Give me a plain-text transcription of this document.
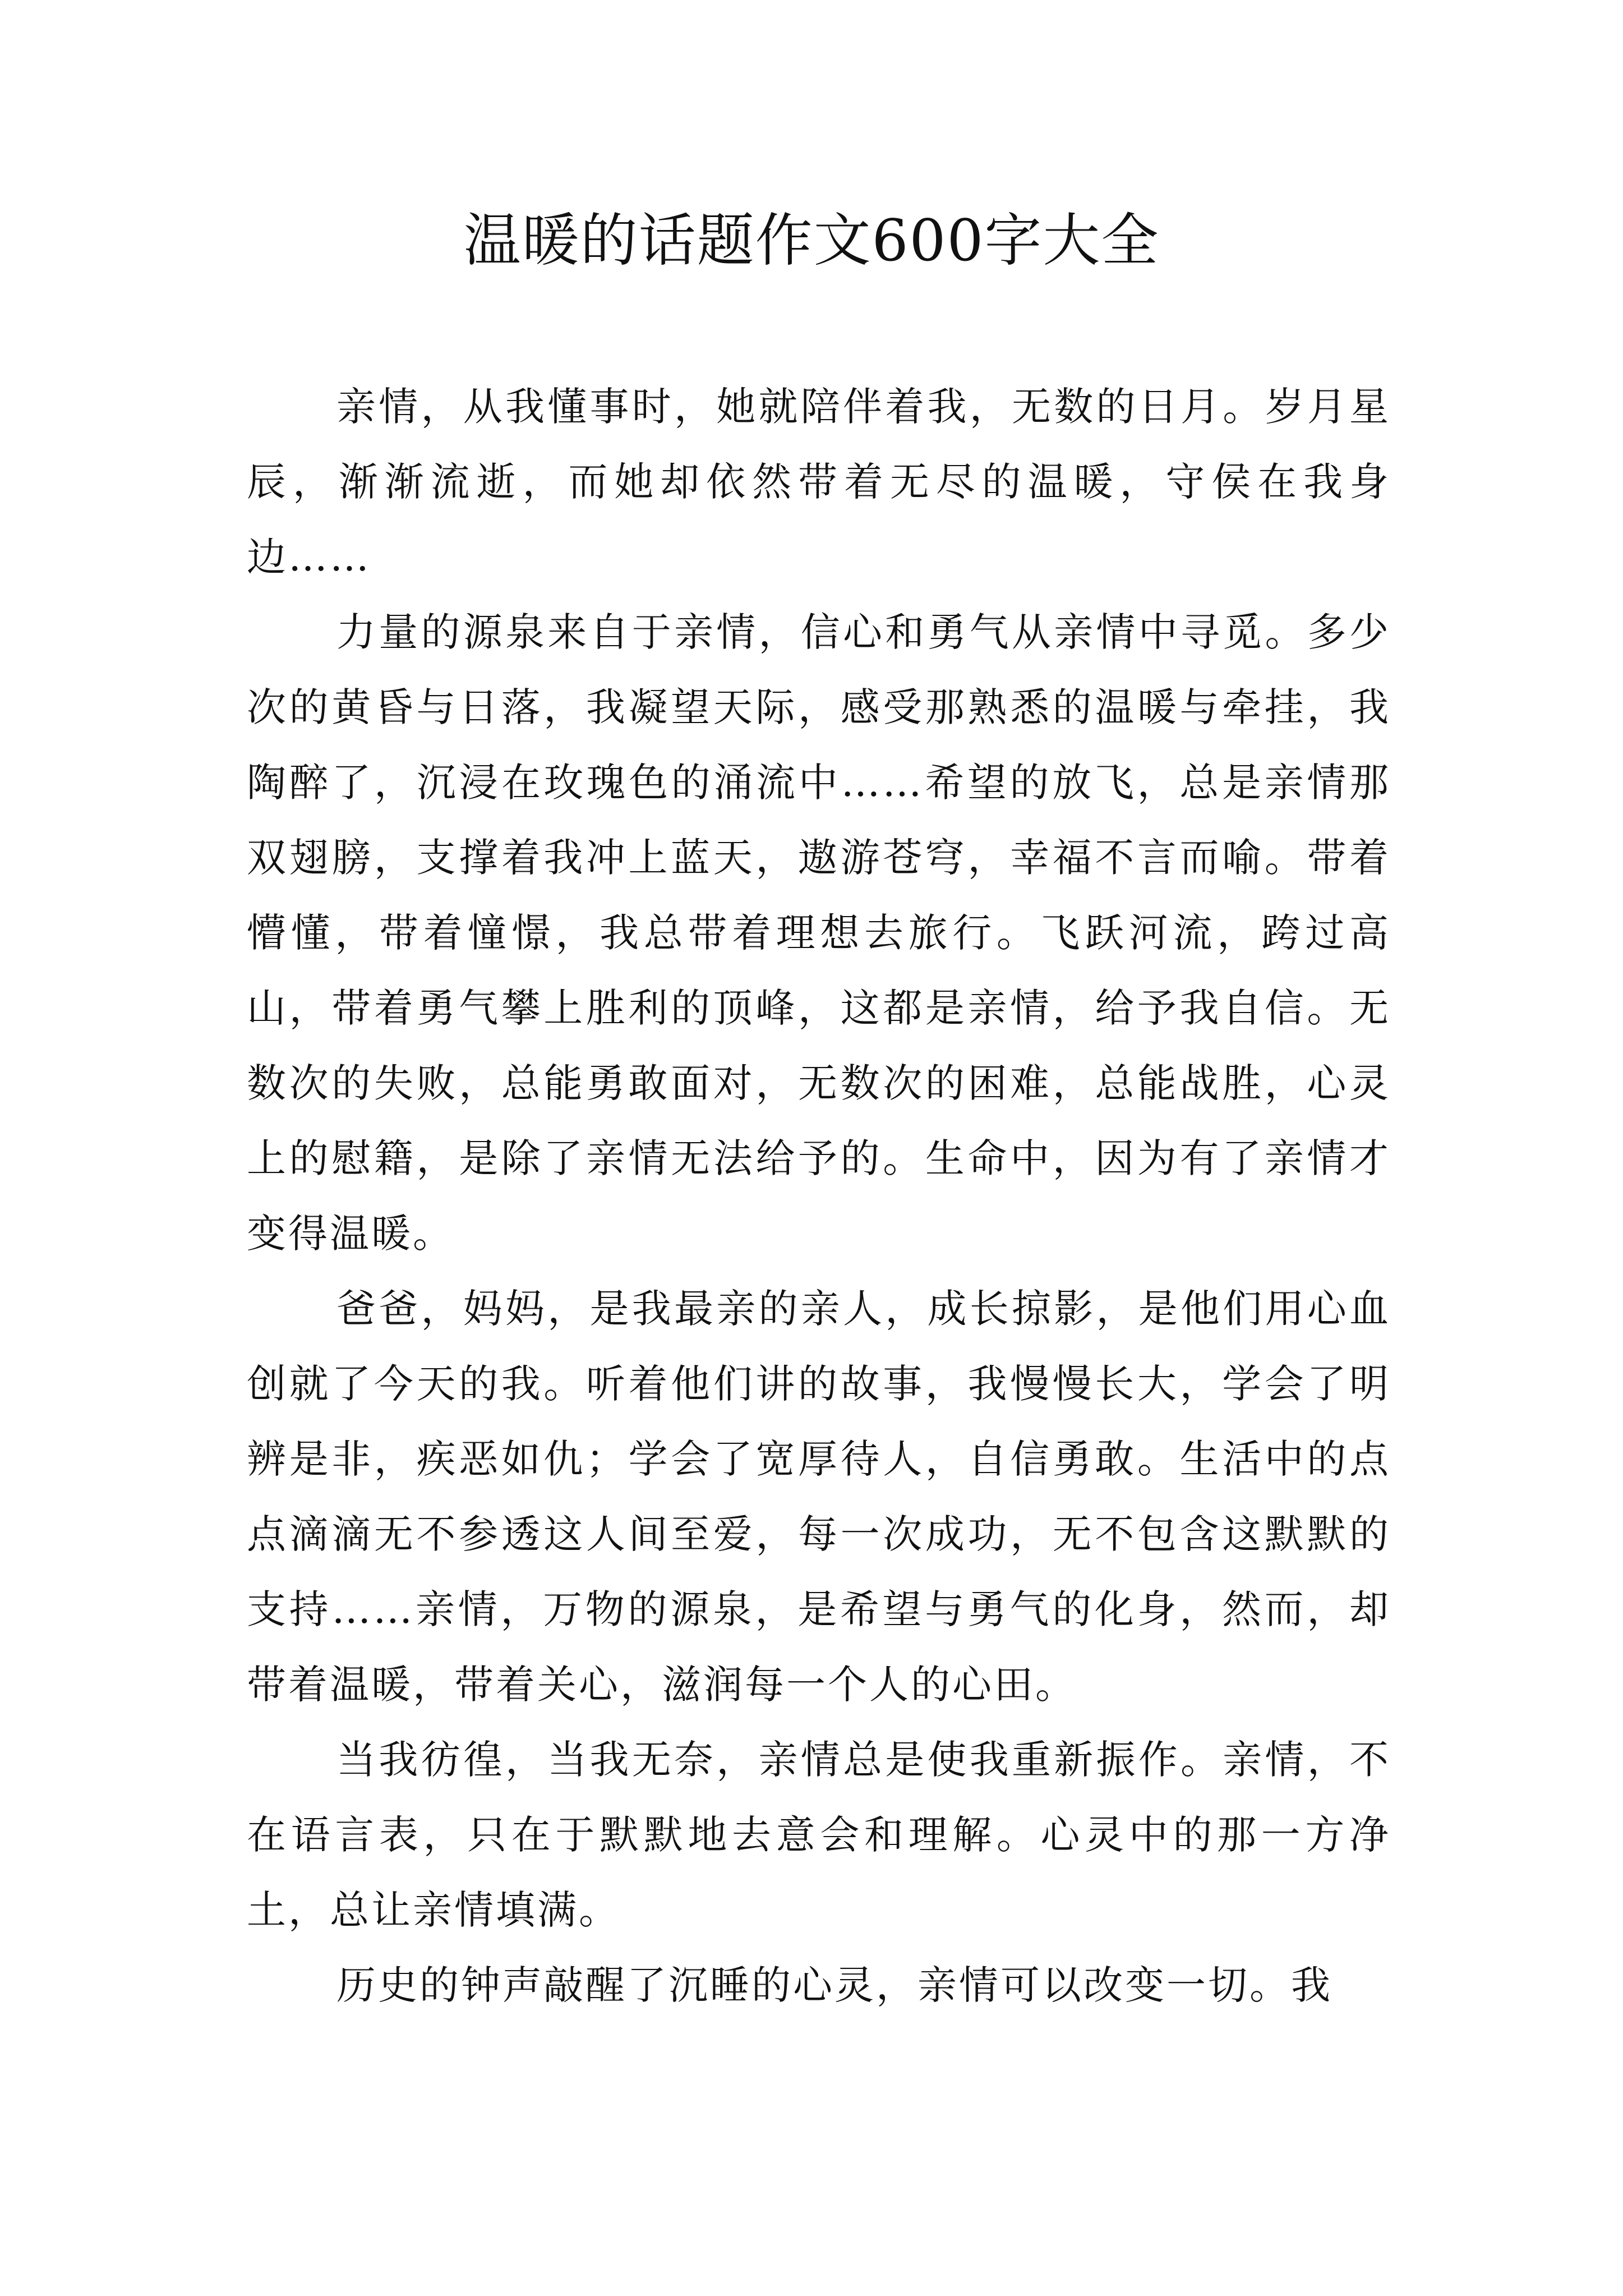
温暖的话题作文600字大全

亲情，从我懂事时，她就陪伴着我，无数的日月。岁月星辰，渐渐流逝，而她却依然带着无尽的温暖，守侯在我身边……

力量的源泉来自于亲情，信心和勇气从亲情中寻觅。多少次的黄昏与日落，我凝望天际，感受那熟悉的温暖与牵挂，我陶醉了，沉浸在玫瑰色的涌流中……希望的放飞，总是亲情那双翅膀，支撑着我冲上蓝天，遨游苍穹，幸福不言而喻。带着懵懂，带着憧憬，我总带着理想去旅行。飞跃河流，跨过高山，带着勇气攀上胜利的顶峰，这都是亲情，给予我自信。无数次的失败，总能勇敢面对，无数次的困难，总能战胜，心灵上的慰籍，是除了亲情无法给予的。生命中，因为有了亲情才变得温暖。

爸爸，妈妈，是我最亲的亲人，成长掠影，是他们用心血创就了今天的我。听着他们讲的故事，我慢慢长大，学会了明辨是非，疾恶如仇；学会了宽厚待人，自信勇敢。生活中的点点滴滴无不参透这人间至爱，每一次成功，无不包含这默默的支持……亲情，万物的源泉，是希望与勇气的化身，然而，却带着温暖，带着关心，滋润每一个人的心田。

当我彷徨，当我无奈，亲情总是使我重新振作。亲情，不在语言表，只在于默默地去意会和理解。心灵中的那一方净土，总让亲情填满。

历史的钟声敲醒了沉睡的心灵，亲情可以改变一切。我
